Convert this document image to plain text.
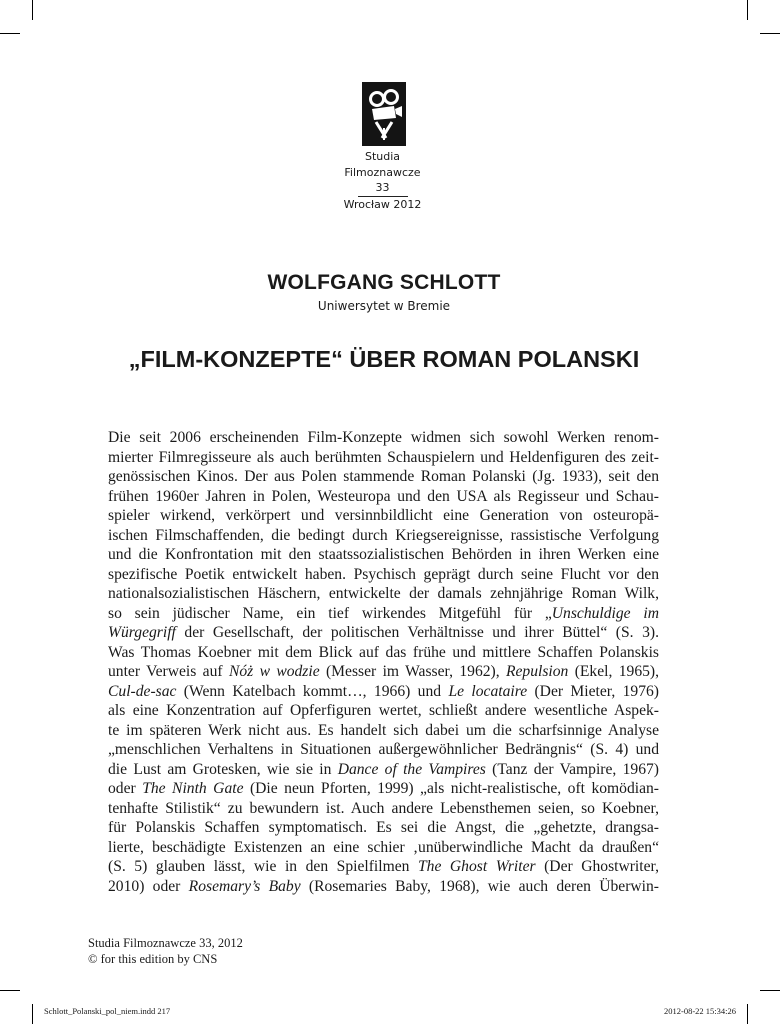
Studia
Filmoznawcze
33
Wrocław 2012
WOLFGANG SCHLOTT
Uniwersytet w Bremie
„FILM-KONZEPTE“ ÜBER ROMAN POLANSKI
Die seit 2006 erscheinenden Film-Konzepte widmen sich sowohl Werken renom-
mierter Filmregisseure als auch berühmten Schauspielern und Heldenfiguren des zeit-
genössischen Kinos. Der aus Polen stammende Roman Polanski (Jg. 1933), seit den
frühen 1960er Jahren in Polen, Westeuropa und den USA als Regisseur und Schau-
spieler wirkend, verkörpert und versinnbildlicht eine Generation von osteuropä-
ischen Filmschaffenden, die bedingt durch Kriegsereignisse, rassistische Verfolgung
und die Konfrontation mit den staatssozialistischen Behörden in ihren Werken eine
spezifische Poetik entwickelt haben. Psychisch geprägt durch seine Flucht vor den
nationalsozialistischen Häschern, entwickelte der damals zehnjährige Roman Wilk,
so sein jüdischer Name, ein tief wirkendes Mitgefühl für „Unschuldige im
Würgegriff der Gesellschaft, der politischen Verhältnisse und ihrer Büttel“ (S. 3).
Was Thomas Koebner mit dem Blick auf das frühe und mittlere Schaffen Polanskis
unter Verweis auf Nóż w wodzie (Messer im Wasser, 1962), Repulsion (Ekel, 1965),
Cul-de-sac (Wenn Katelbach kommt…, 1966) und Le locataire (Der Mieter, 1976)
als eine Konzentration auf Opferfiguren wertet, schließt andere wesentliche Aspek-
te im späteren Werk nicht aus. Es handelt sich dabei um die scharfsinnige Analyse
„menschlichen Verhaltens in Situationen außergewöhnlicher Bedrängnis“ (S. 4) und
die Lust am Grotesken, wie sie in Dance of the Vampires (Tanz der Vampire, 1967)
oder The Ninth Gate (Die neun Pforten, 1999) „als nicht-realistische, oft komödian-
tenhafte Stilistik“ zu bewundern ist. Auch andere Lebensthemen seien, so Koebner,
für Polanskis Schaffen symptomatisch. Es sei die Angst, die „gehetzte, drangsa-
lierte, beschädigte Existenzen an eine schier ‚unüberwindliche Macht da draußen“
(S. 5) glauben lässt, wie in den Spielfilmen The Ghost Writer (Der Ghostwriter,
2010) oder Rosemary’s Baby (Rosemaries Baby, 1968), wie auch deren Überwin-
Studia Filmoznawcze 33, 2012
© for this edition by CNS
Schlott_Polanski_pol_niem.indd 217	2012-08-22 15:34:26
